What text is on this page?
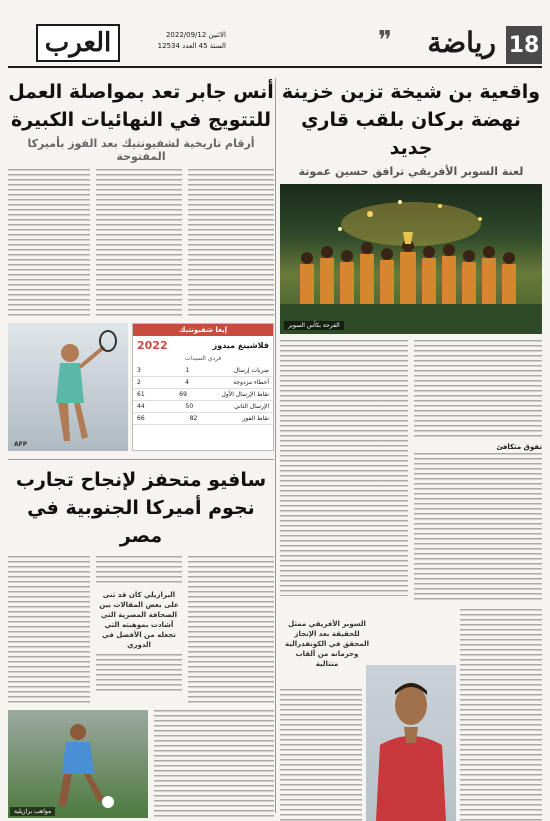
العرب	الاثنين 2022/09/12
السنة 45 العدد 12534	18
رياضة
❞
واقعية بن شيخة تزين خزينة نهضة بركان بلقب قاري جديد
لعنة السوبر الأفريقي ترافق حسين عموتة
الفرحة بكأس السوبر
تفوق متكافئ
السوبر الأفريقي ممثل للحقيقة بعد الإنجاز المحقق في الكونفدرالية وحرمانه من ألقاب متتالية
أنس جابر تعد بمواصلة العمل للتتويج في النهائيات الكبيرة
أرقام تاريخية لشفيونتيك بعد الفوز بأميركا المفتوحة
AFP
إيغا شفيونتيك
فلاشينغ ميدوز
2022
فردي السيدات
ضربات إرسال
1
3
أخطاء مزدوجة
4
2
نقاط الإرسال الأول
69
61
الإرسال الثاني
50
44
نقاط الفوز
82
66
سافيو متحفز لإنجاح تجارب نجوم أميركا الجنوبية في مصر
البرازيلي كان قد ثنى على بعض المقالات بين الصحافة المصرية التي أشادت بموهبته التي تجعله من الأفضل في الدوري
مواهب برازيلية
